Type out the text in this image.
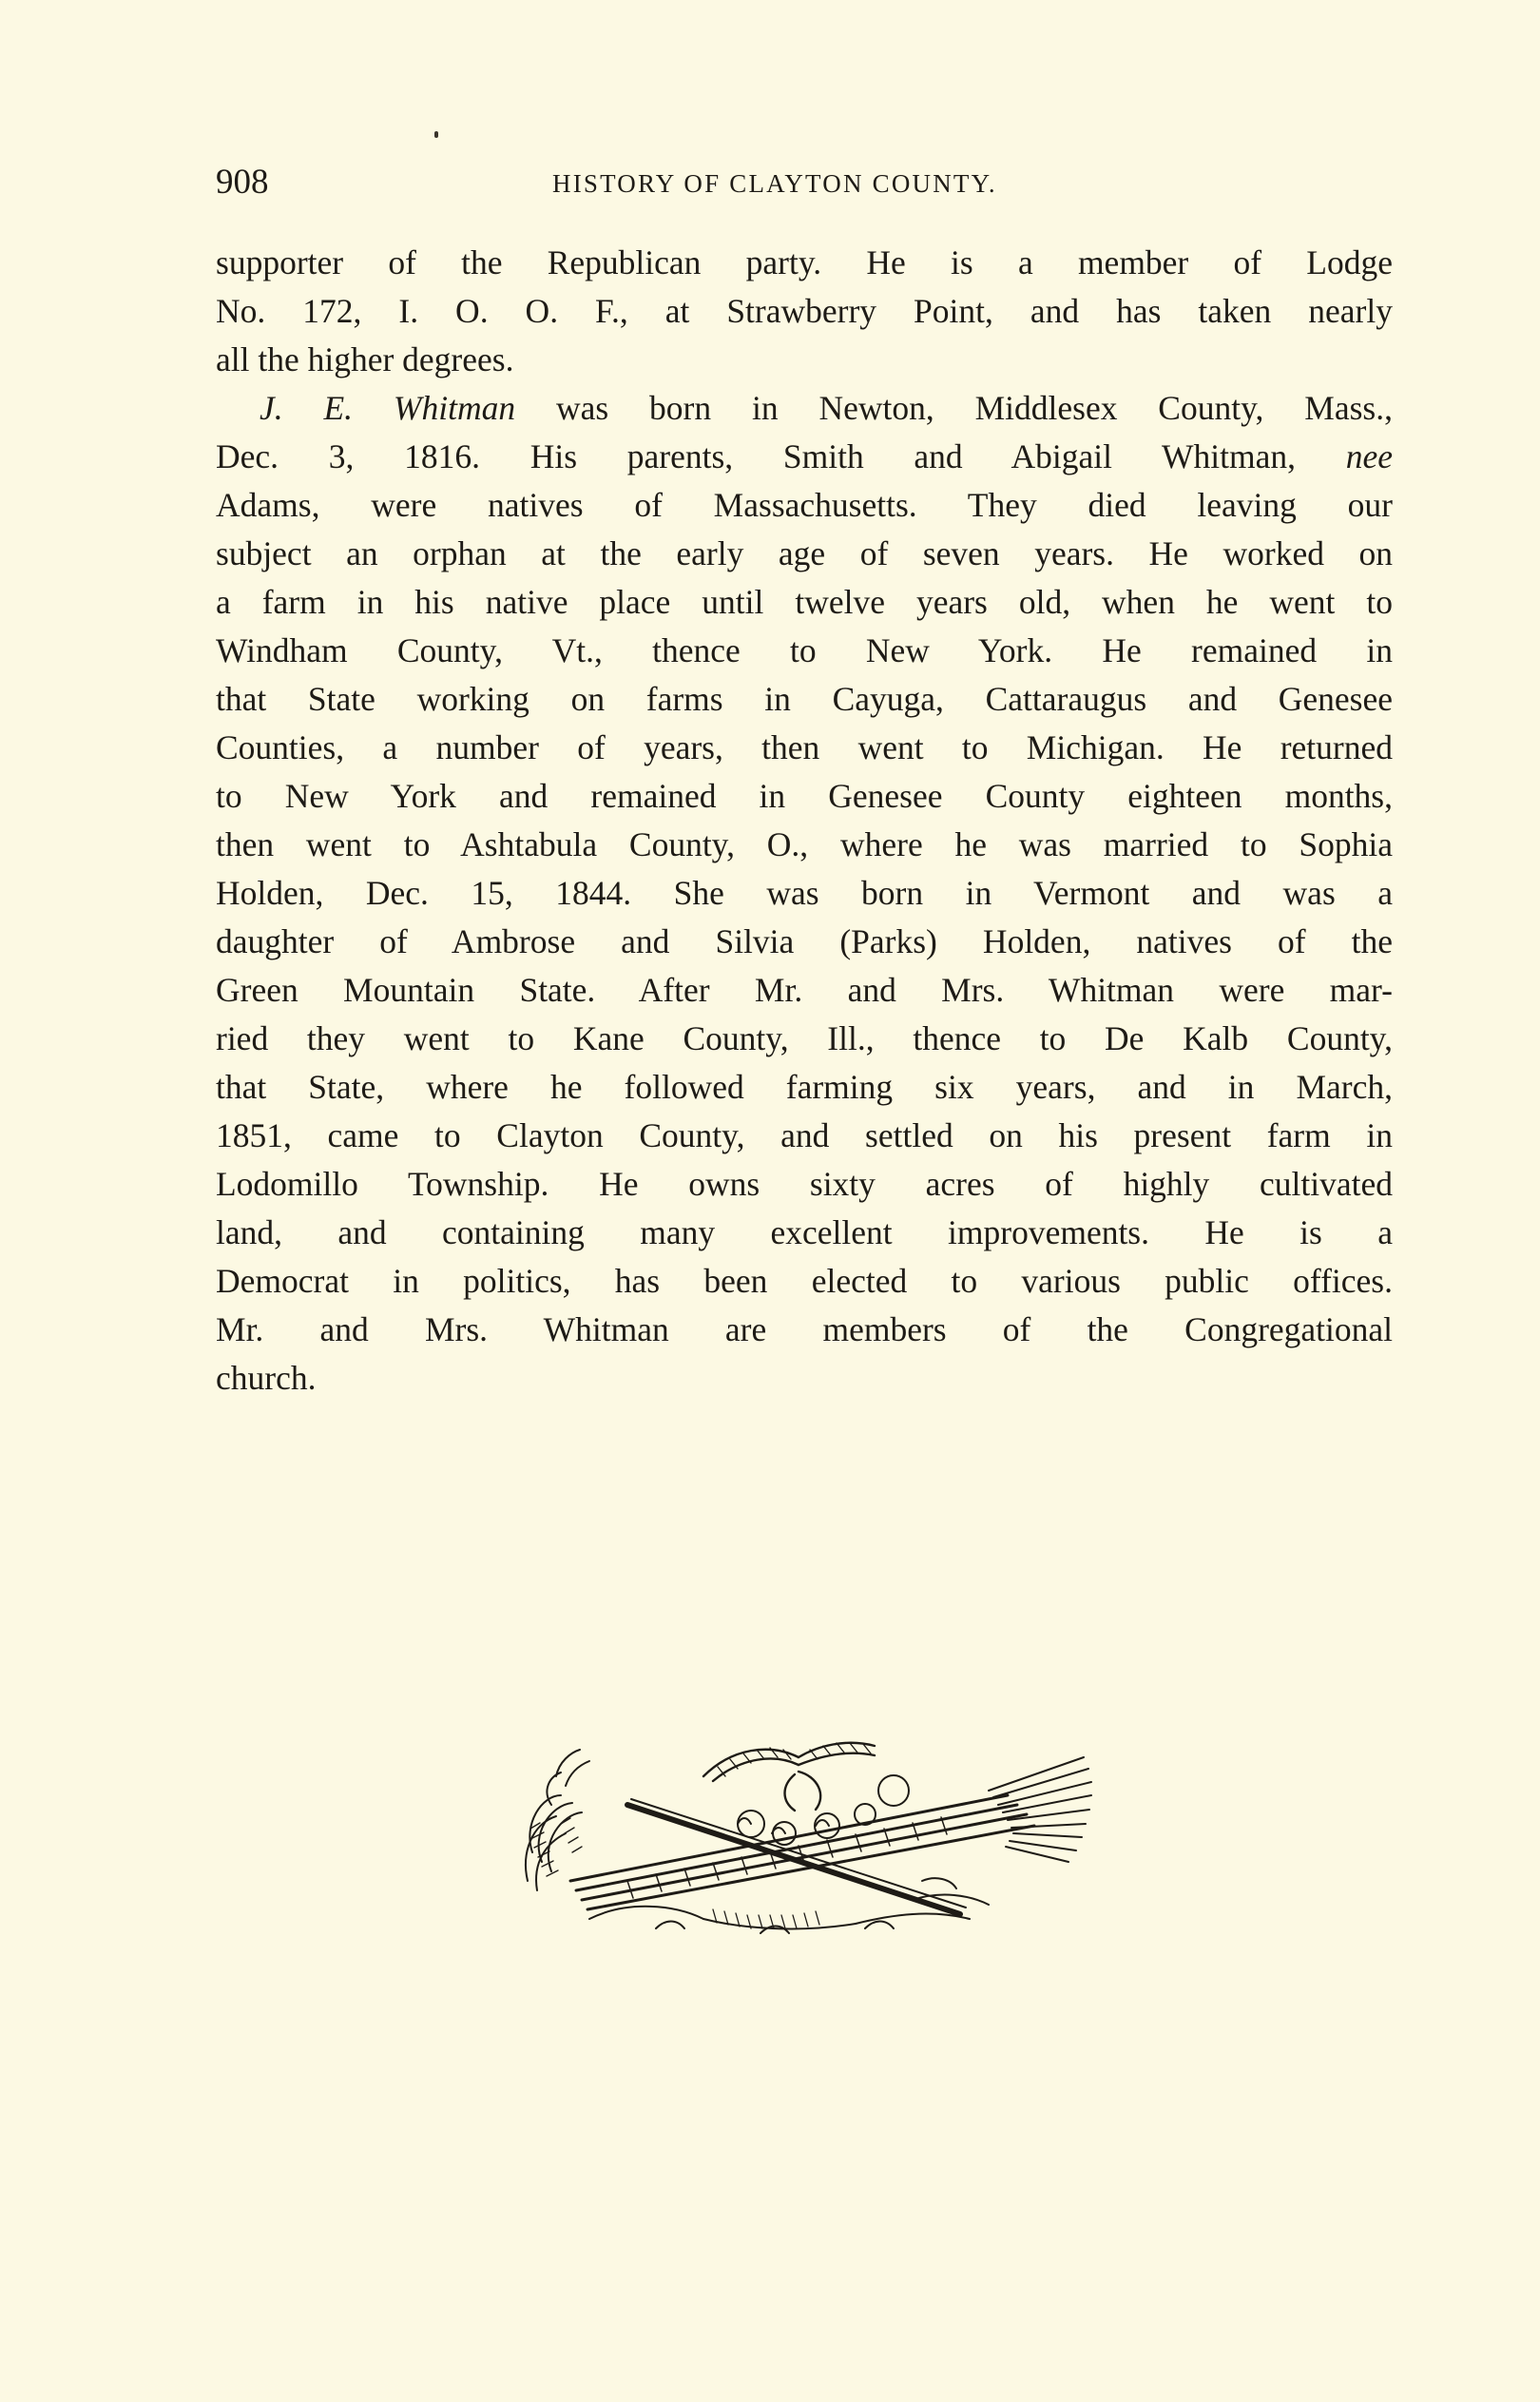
908	HISTORY OF CLAYTON COUNTY.
supporter of the Republican party. He is a member of Lodge
No. 172, I. O. O. F., at Strawberry Point, and has taken nearly
all the higher degrees.
J. E. Whitman was born in Newton, Middlesex County, Mass.,
Dec. 3, 1816. His parents, Smith and Abigail Whitman, nee
Adams, were natives of Massachusetts. They died leaving our
subject an orphan at the early age of seven years. He worked on
a farm in his native place until twelve years old, when he went to
Windham County, Vt., thence to New York. He remained in
that State working on farms in Cayuga, Cattaraugus and Genesee
Counties, a number of years, then went to Michigan. He returned
to New York and remained in Genesee County eighteen months,
then went to Ashtabula County, O., where he was married to Sophia
Holden, Dec. 15, 1844. She was born in Vermont and was a
daughter of Ambrose and Silvia (Parks) Holden, natives of the
Green Mountain State. After Mr. and Mrs. Whitman were mar-
ried they went to Kane County, Ill., thence to De Kalb County,
that State, where he followed farming six years, and in March,
1851, came to Clayton County, and settled on his present farm in
Lodomillo Township. He owns sixty acres of highly cultivated
land, and containing many excellent improvements. He is a
Democrat in politics, has been elected to various public offices.
Mr. and Mrs. Whitman are members of the Congregational
church.
